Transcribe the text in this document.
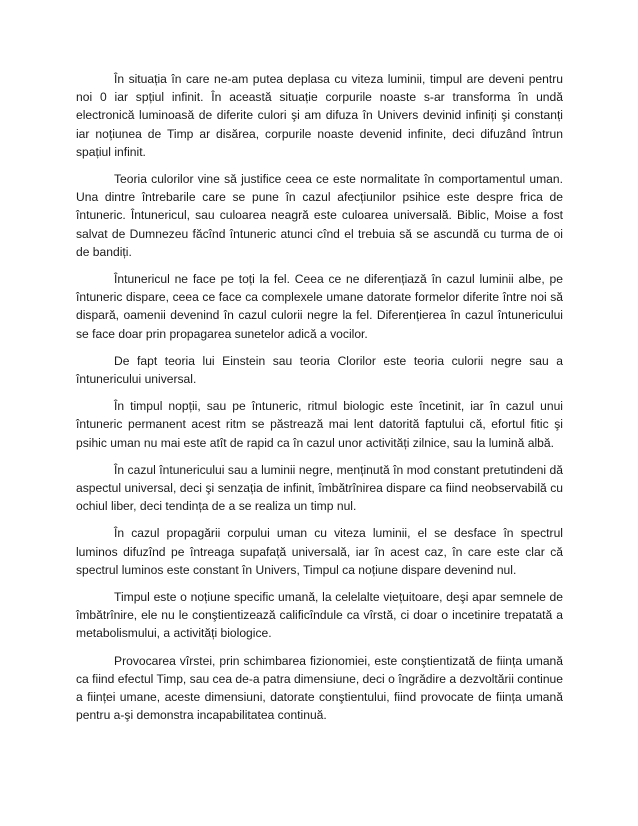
În situația în care ne-am putea deplasa cu viteza luminii, timpul are deveni pentru noi 0 iar spțiul infinit. În această situație corpurile noaste s-ar transforma în undă electronică luminoasă de diferite culori şi am difuza în Univers devinid infiniți şi constanți iar noțiunea de Timp ar disărea, corpurile noaste devenid infinite, deci difuzând întrun spațiul infinit.

Teoria culorilor vine să justifice ceea ce este normalitate în comportamentul uman. Una dintre întrebarile care se pune în cazul afecțiunilor psihice este despre frica de întuneric. Întunericul, sau culoarea neagră este culoarea universală. Biblic, Moise a fost salvat de Dumnezeu făcînd întuneric atunci cînd el trebuia să se ascundă cu turma de oi de bandiți.

Întunericul ne face pe toți la fel. Ceea ce ne diferențiază în cazul luminii albe, pe întuneric dispare, ceea ce face ca complexele umane datorate formelor diferite între noi să dispară, oamenii devenind în cazul culorii negre la fel. Diferențierea în cazul întunericului se face doar prin propagarea sunetelor adică a vocilor.

De fapt teoria lui Einstein sau teoria Clorilor este teoria culorii negre sau a întunericului universal.

În timpul nopții, sau pe întuneric, ritmul biologic este încetinit, iar în cazul unui întuneric permanent acest ritm se păstrează mai lent datorită faptului că, efortul fitic şi psihic uman nu mai este atît de rapid ca în cazul unor activități zilnice, sau la lumină albă.

În cazul întunericului sau a luminii negre, menținută în mod constant pretutindeni dă aspectul universal, deci şi senzația de infinit, îmbătrînirea dispare ca fiind neobservabilă cu ochiul liber, deci tendința de a se realiza un timp nul.

În cazul propagării corpului uman cu viteza luminii, el se desface în spectrul luminos difuzînd pe întreaga supafață universală, iar în acest caz, în care este clar că spectrul luminos este constant în Univers, Timpul ca noțiune dispare devenind nul.

Timpul este o noțiune specific umană, la celelalte viețuitoare, deşi apar semnele de îmbătrînire, ele nu le conştientizează calificîndule ca vîrstă, ci doar o incetinire trepatată a metabolismului, a activități biologice.

Provocarea vîrstei, prin schimbarea fizionomiei, este conştientizată de ființa umană ca fiind efectul Timp, sau cea de-a patra dimensiune, deci o îngrădire a dezvoltării continue a ființei umane, aceste dimensiuni, datorate conştientului, fiind provocate de ființa umană pentru a-şi demonstra incapabilitatea continuă.
